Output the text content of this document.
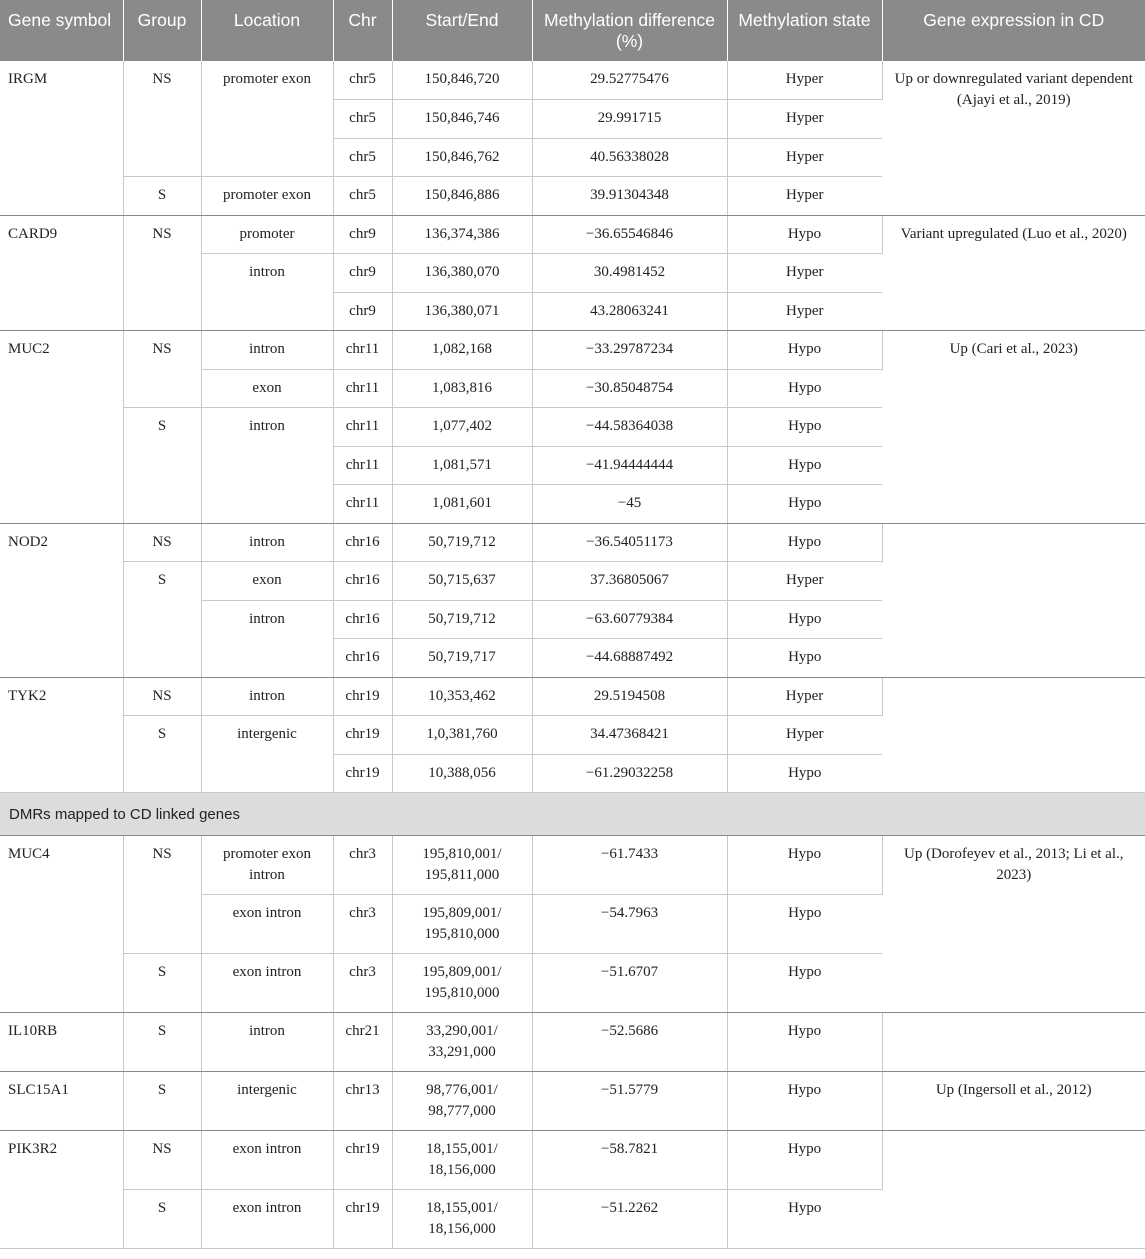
Gene symbol	Group	Location	Chr	Start/End	Methylation difference (%)	Methylation state	Gene expression in CD
IRGM	NS	promoter exon	chr5	150,846,720	29.52775476	Hyper	Up or downregulated variant dependent (Ajayi et al., 2019)
			chr5	150,846,746	29.991715	Hyper	
			chr5	150,846,762	40.56338028	Hyper	
	S	promoter exon	chr5	150,846,886	39.91304348	Hyper	
CARD9	NS	promoter	chr9	136,374,386	−36.65546846	Hypo	Variant upregulated (Luo et al., 2020)
		intron	chr9	136,380,070	30.4981452	Hyper	
			chr9	136,380,071	43.28063241	Hyper	
MUC2	NS	intron	chr11	1,082,168	−33.29787234	Hypo	Up (Cari et al., 2023)
		exon	chr11	1,083,816	−30.85048754	Hypo	
	S	intron	chr11	1,077,402	−44.58364038	Hypo	
			chr11	1,081,571	−41.94444444	Hypo	
			chr11	1,081,601	−45	Hypo	
NOD2	NS	intron	chr16	50,719,712	−36.54051173	Hypo	
	S	exon	chr16	50,715,637	37.36805067	Hyper	
		intron	chr16	50,719,712	−63.60779384	Hypo	
			chr16	50,719,717	−44.68887492	Hypo	
TYK2	NS	intron	chr19	10,353,462	29.5194508	Hyper	
	S	intergenic	chr19	1,0,381,760	34.47368421	Hyper	
			chr19	10,388,056	−61.29032258	Hypo	
DMRs mapped to CD linked genes							
MUC4	NS	promoter exon intron	chr3	195,810,001/
195,811,000	−61.7433	Hypo	Up (Dorofeyev et al., 2013; Li et al., 2023)
		exon intron	chr3	195,809,001/
195,810,000	−54.7963	Hypo	
	S	exon intron	chr3	195,809,001/
195,810,000	−51.6707	Hypo	
IL10RB	S	intron	chr21	33,290,001/
33,291,000	−52.5686	Hypo	
SLC15A1	S	intergenic	chr13	98,776,001/
98,777,000	−51.5779	Hypo	Up (Ingersoll et al., 2012)
PIK3R2	NS	exon intron	chr19	18,155,001/
18,156,000	−58.7821	Hypo	
	S	exon intron	chr19	18,155,001/
18,156,000	−51.2262	Hypo	
